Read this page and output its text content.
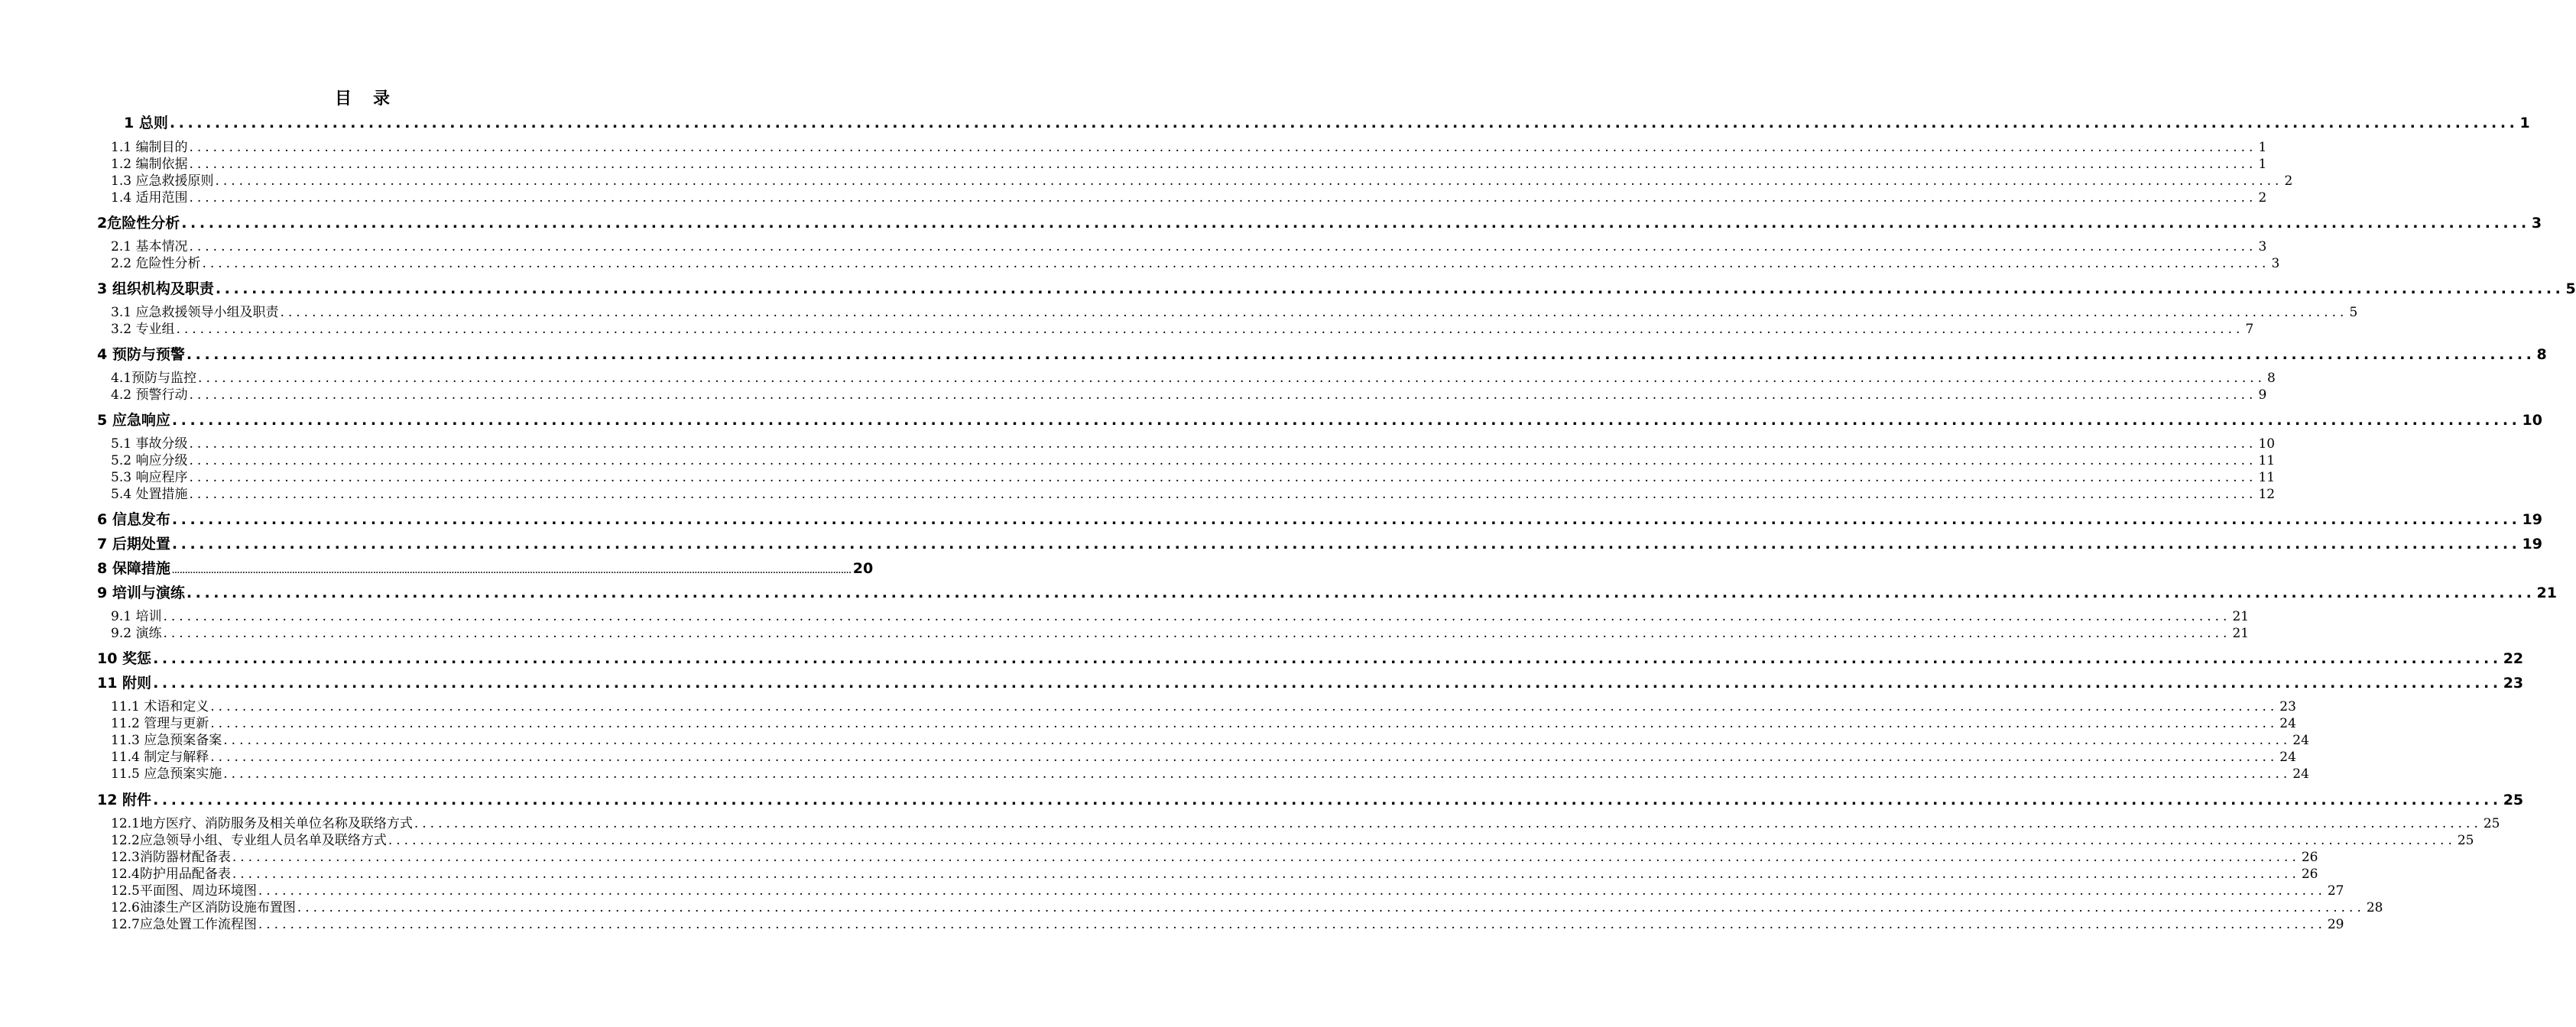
目 录
1 总则 .................................................................................................................................................................................................................................................................... 1
1.1 编制目的 .................................................................................................................................................................................................................................................................... 1
1.2 编制依据 .................................................................................................................................................................................................................................................................... 1
1.3 应急救援原则 .................................................................................................................................................................................................................................................................... 2
1.4 适用范围 .................................................................................................................................................................................................................................................................... 2
2危险性分析 .................................................................................................................................................................................................................................................................... 3
2.1 基本情况 .................................................................................................................................................................................................................................................................... 3
2.2 危险性分析 .................................................................................................................................................................................................................................................................... 3
3 组织机构及职责 .................................................................................................................................................................................................................................................................... 5
3.1 应急救援领导小组及职责 .................................................................................................................................................................................................................................................................... 5
3.2 专业组 .................................................................................................................................................................................................................................................................... 7
4 预防与预警 .................................................................................................................................................................................................................................................................... 8
4.1预防与监控 .................................................................................................................................................................................................................................................................... 8
4.2 预警行动 .................................................................................................................................................................................................................................................................... 9
5 应急响应 .................................................................................................................................................................................................................................................................... 10
5.1 事故分级 .................................................................................................................................................................................................................................................................... 10
5.2 响应分级 .................................................................................................................................................................................................................................................................... 11
5.3 响应程序 .................................................................................................................................................................................................................................................................... 11
5.4 处置措施 .................................................................................................................................................................................................................................................................... 12
6 信息发布 .................................................................................................................................................................................................................................................................... 19
7 后期处置 .................................................................................................................................................................................................................................................................... 19
8 保障措施 .................................................................................................................................................................................................................................................................... 20
9 培训与演练 .................................................................................................................................................................................................................................................................... 21
9.1 培训 .................................................................................................................................................................................................................................................................... 21
9.2 演练 .................................................................................................................................................................................................................................................................... 21
10 奖惩 .................................................................................................................................................................................................................................................................... 22
11 附则 .................................................................................................................................................................................................................................................................... 23
11.1 术语和定义 .................................................................................................................................................................................................................................................................... 23
11.2 管理与更新 .................................................................................................................................................................................................................................................................... 24
11.3 应急预案备案 .................................................................................................................................................................................................................................................................... 24
11.4 制定与解释 .................................................................................................................................................................................................................................................................... 24
11.5 应急预案实施 .................................................................................................................................................................................................................................................................... 24
12 附件 .................................................................................................................................................................................................................................................................... 25
12.1地方医疗、消防服务及相关单位名称及联络方式 .................................................................................................................................................................................................................................................................... 25
12.2应急领导小组、专业组人员名单及联络方式 .................................................................................................................................................................................................................................................................... 25
12.3消防器材配备表 .................................................................................................................................................................................................................................................................... 26
12.4防护用品配备表 .................................................................................................................................................................................................................................................................... 26
12.5平面图、周边环境图 .................................................................................................................................................................................................................................................................... 27
12.6油漆生产区消防设施布置图 .................................................................................................................................................................................................................................................................... 28
12.7应急处置工作流程图 .................................................................................................................................................................................................................................................................... 29
